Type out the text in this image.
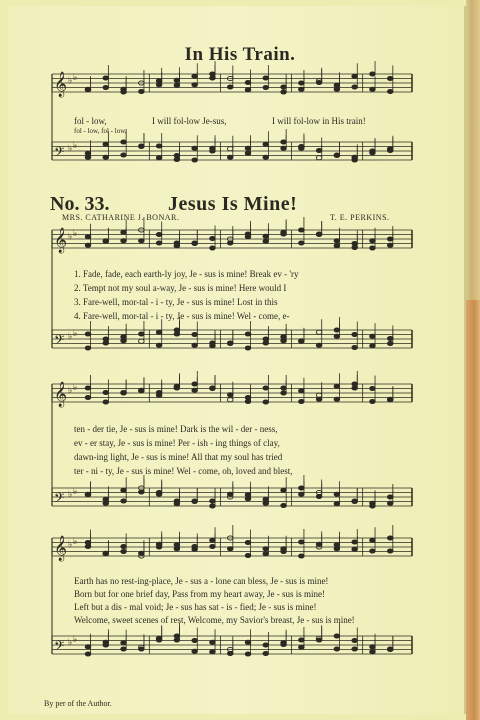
𝄞 ♭ ♭
𝄢 ♭ ♭
𝄞 ♭ ♭
𝄢 ♭ ♭
𝄞 ♭ ♭
𝄢 ♭ ♭
𝄞 ♭ ♭
𝄢 ♭ ♭
In His Train.
fol - low,	I will fol-low Je-sus,	I will fol-low in His train!
fol - low, fol - low,
No. 33.	Jesus Is Mine!
MRS. CATHARINE J. BONAR.	T. E. PERKINS.
1. Fade, fade, each earth-ly joy, Je - sus is mine! Break ev - 'ry
2. Tempt not my soul a-way, Je - sus is mine! Here would I
3. Fare-well, mor-tal - i - ty, Je - sus is mine! Lost in this
4. Fare-well, mor-tal - i - ty, Je - sus is mine! Wel - come, e-
ten - der tie, Je - sus is mine! Dark is the wil - der - ness,
ev - er stay, Je - sus is mine! Per - ish - ing things of clay,
dawn-ing light, Je - sus is mine! All that my soul has tried
ter - ni - ty, Je - sus is mine! Wel - come, oh, loved and blest,
Earth has no rest-ing-place, Je - sus a - lone can bless, Je - sus is mine!
Born but for one brief day, Pass from my heart away, Je - sus is mine!
Left but a dis - mal void; Je - sus has sat - is - fied; Je - sus is mine!
Welcome, sweet scenes of rest, Welcome, my Savior's breast, Je - sus is mine!
By per of the Author.
